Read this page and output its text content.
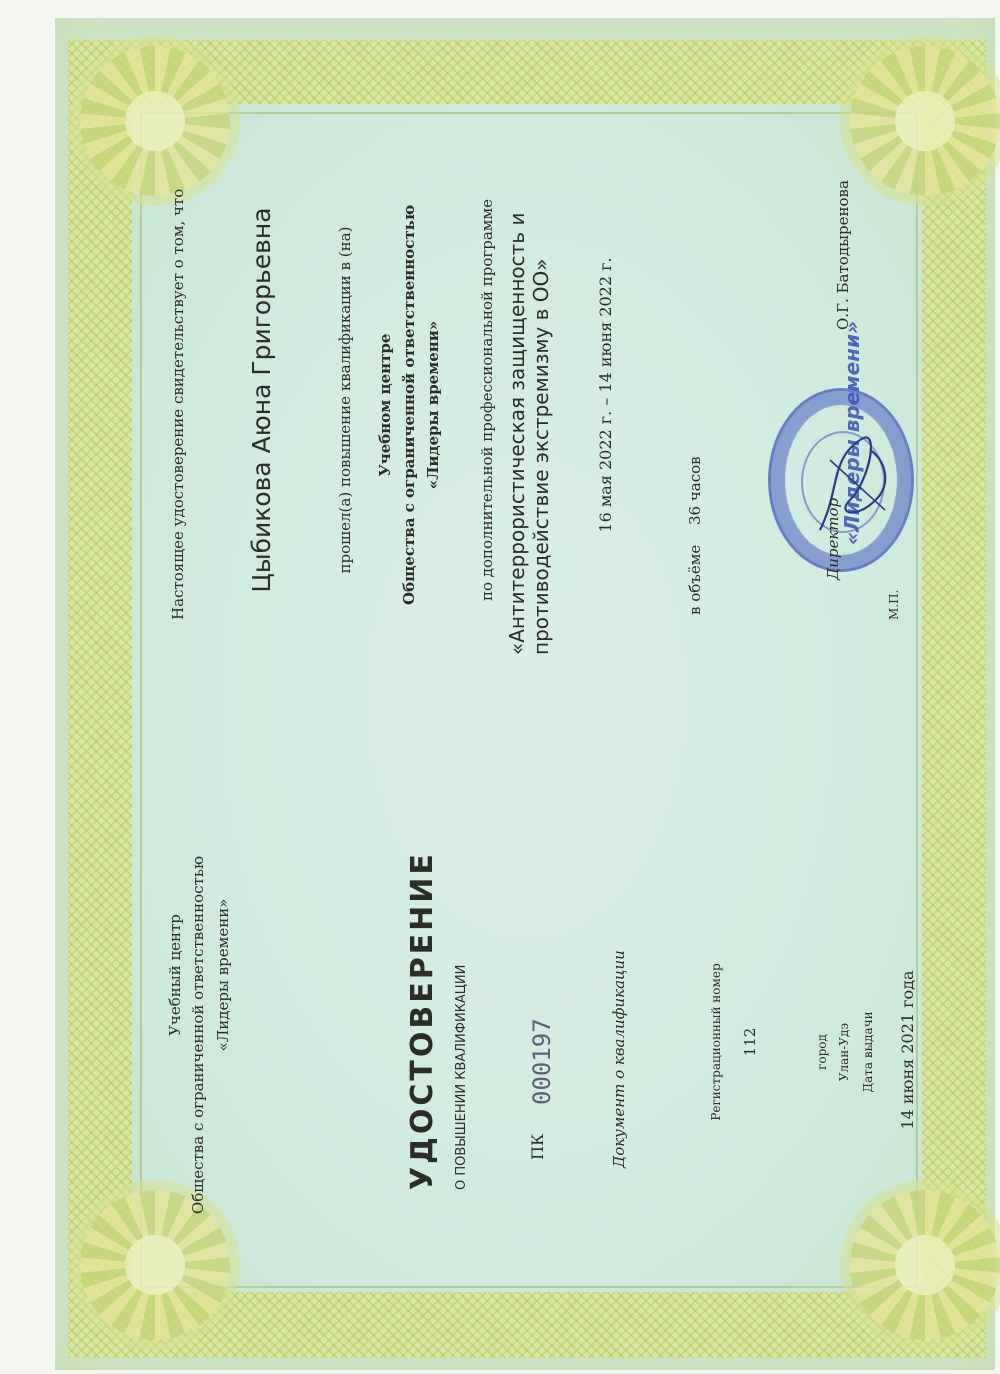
Учебный центр Общества с ограниченной ответственностью «Лидеры времени»	УДОСТОВЕРЕНИЕ О ПОВЫШЕНИИ КВАЛИФИКАЦИИ	ПК
000197	Документ о квалификации	Регистрационный номер 112	город Улан-Удэ Дата выдачи 14 июня 2021 года
Настоящее удостоверение свидетельствует о том, что Цыбикова Аюна Григорьевна	прошел(а) повышение квалификации в (на) Учебном центре Общества с ограниченной ответственностью «Лидеры времени» по дополнительной профессиональной программе «Антитеррористическая защищенность и противодействие экстремизму в ОО»	16 мая 2022 г. – 14 июня 2022 г.
в объёме
36 часов	«Лидеры времени»
Директор
О.Г. Батодыренова
М.П.
